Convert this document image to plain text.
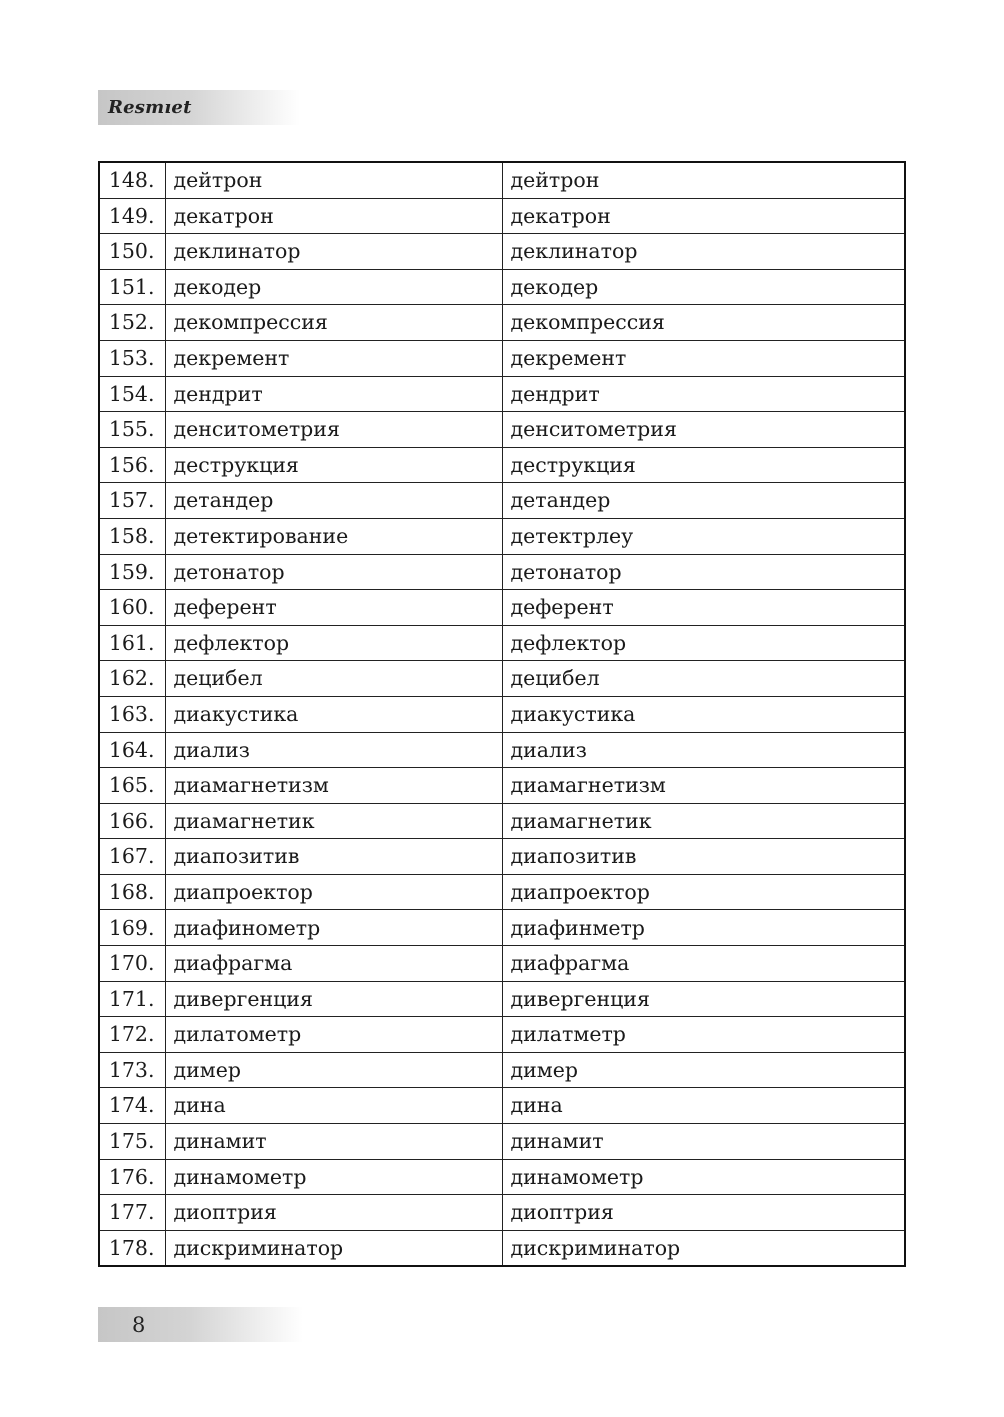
Resmıet
148.	дейтрон	дейтрон
149.	декатрон	декатрон
150.	деклинатор	деклинатор
151.	декодер	декодер
152.	декомпрессия	декомпрессия
153.	декремент	декремент
154.	дендрит	дендрит
155.	денситометрия	денситометрия
156.	деструкция	деструкция
157.	детандер	детандер
158.	детектирование	детектрлеу
159.	детонатор	детонатор
160.	деферент	деферент
161.	дефлектор	дефлектор
162.	децибел	децибел
163.	диакустика	диакустика
164.	диализ	диализ
165.	диамагнетизм	диамагнетизм
166.	диамагнетик	диамагнетик
167.	диапозитив	диапозитив
168.	диапроектор	диапроектор
169.	диафинометр	диафинметр
170.	диафрагма	диафрагма
171.	дивергенция	дивергенция
172.	дилатометр	дилатметр
173.	димер	димер
174.	дина	дина
175.	динамит	динамит
176.	динамометр	динамометр
177.	диоптрия	диоптрия
178.	дискриминатор	дискриминатор
8
